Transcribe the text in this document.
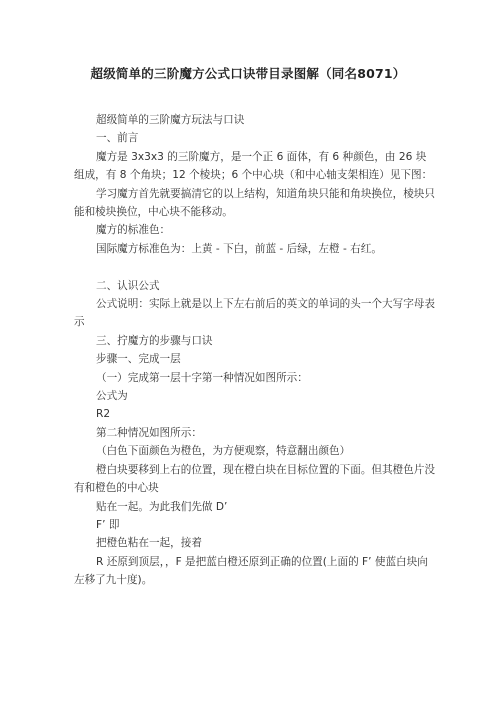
超级简单的三阶魔方公式口诀带目录图解（同名8071）

超级简单的三阶魔方玩法与口诀

一、前言

魔方是 3x3x3 的三阶魔方，是一个正 6 面体，有 6 种颜色，由 26 块组成，有 8 个角块；12 个棱块；6 个中心块（和中心轴支架相连）见下图：

学习魔方首先就要搞清它的以上结构，知道角块只能和角块换位，棱块只能和棱块换位，中心块不能移动。

魔方的标准色：

国际魔方标准色为：上黄 - 下白，前蓝 - 后绿，左橙 - 右红。

二、认识公式

公式说明：实际上就是以上下左右前后的英文的单词的头一个大写字母表示

三、拧魔方的步骤与口诀

步骤一、完成一层

（一）完成第一层十字第一种情况如图所示：

公式为

R2

第二种情况如图所示：

（白色下面颜色为橙色，为方便观察，特意翻出颜色）

橙白块要移到上右的位置，现在橙白块在目标位置的下面。但其橙色片没有和橙色的中心块

贴在一起。为此我们先做 D’

F’ 即

把橙色粘在一起，接着

R 还原到顶层，，F 是把蓝白橙还原到正确的位置(上面的 F’ 使蓝白块向左移了九十度)。
